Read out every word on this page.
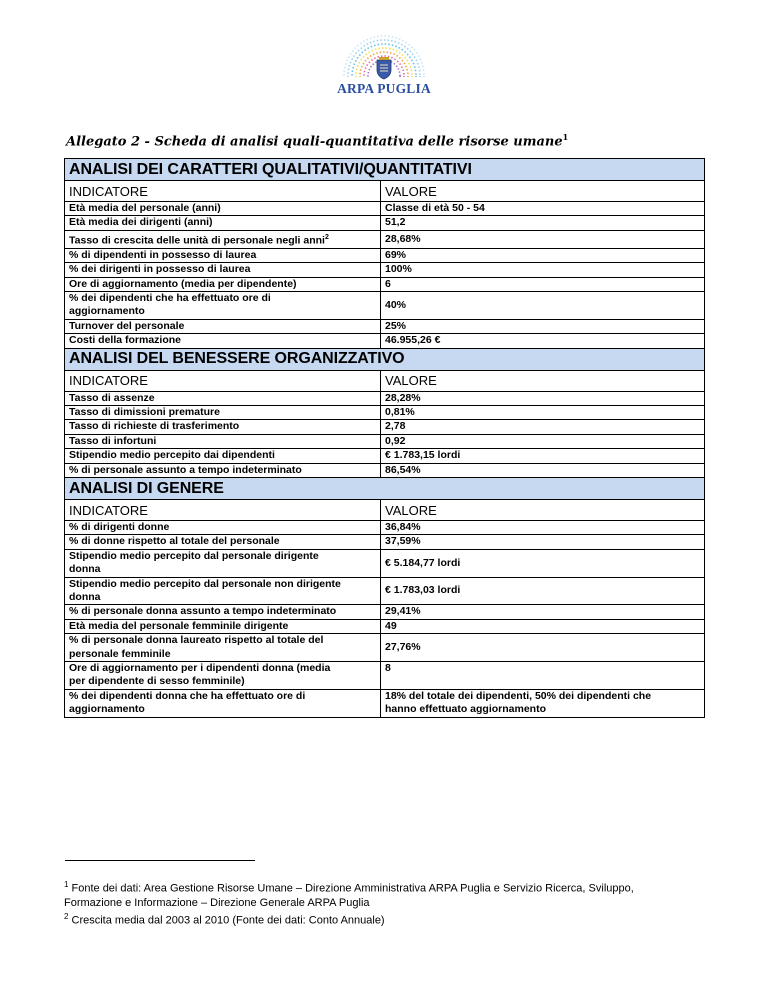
ARPA PUGLIA
Allegato 2 - Scheda di analisi quali-quantitativa delle risorse umane$^1$
ANALISI DEI CARATTERI QUALITATIVI/QUANTITATIVI	
INDICATORE	VALORE

Età media del personale (anni)	Classe di età 50 - 54

Età media dei dirigenti (anni)	51,2

Tasso di crescita delle unità di personale negli anni$^2$	28,68%

% di dipendenti in possesso di laurea	69%

% dei dirigenti in possesso di laurea	100%

Ore di aggiornamento (media per dipendente)	6

% dei dipendenti che ha effettuato ore di
aggiornamento	40%

Turnover del personale	25%

Costi della formazione	46.955,26 €

ANALISI DEL BENESSERE ORGANIZZATIVO	
INDICATORE	VALORE

Tasso di assenze	28,28%

Tasso di dimissioni premature	0,81%

Tasso di richieste di trasferimento	2,78

Tasso di infortuni	0,92

Stipendio medio percepito dai dipendenti	€ 1.783,15 lordi

% di personale assunto a tempo indeterminato	86,54%

ANALISI DI GENERE	
INDICATORE	VALORE

% di dirigenti donne	36,84%

% di donne rispetto al totale del personale	37,59%

Stipendio medio percepito dal personale dirigente
donna	€ 5.184,77 lordi

Stipendio medio percepito dal personale non dirigente
donna	€ 1.783,03 lordi

% di personale donna assunto a tempo indeterminato	29,41%

Età media del personale femminile dirigente	49

% di personale donna laureato rispetto al totale del
personale femminile	27,76%

Ore di aggiornamento per i dipendenti donna (media
per dipendente di sesso femminile)	8

% dei dipendenti donna che ha effettuato ore di
aggiornamento	18% del totale dei dipendenti, 50% dei dipendenti che
hanno effettuato aggiornamento
$^1$ Fonte dei dati: Area Gestione Risorse Umane – Direzione Amministrativa ARPA Puglia e Servizio Ricerca, Sviluppo,
Formazione e Informazione – Direzione Generale ARPA Puglia
$^2$ Crescita media dal 2003 al 2010 (Fonte dei dati: Conto Annuale)
